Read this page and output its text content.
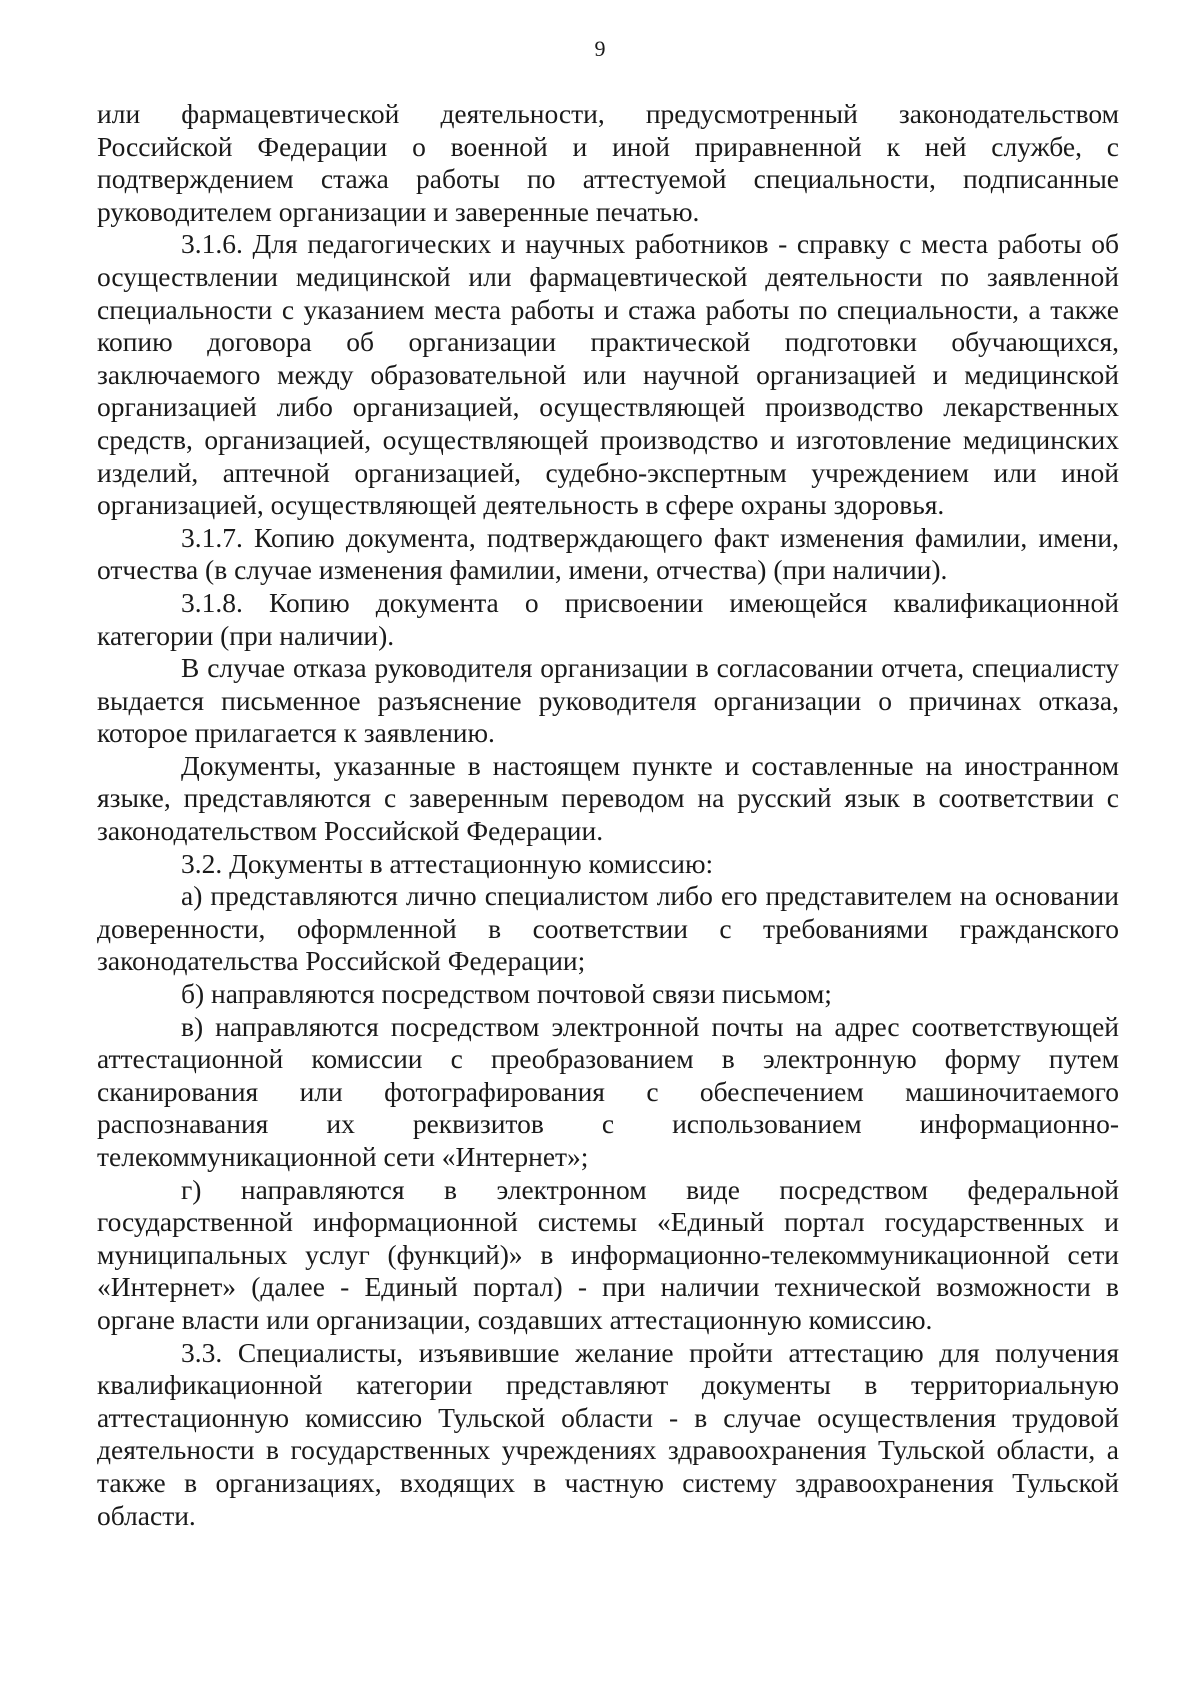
9

или фармацевтической деятельности, предусмотренный законодательством Российской Федерации о военной и иной приравненной к ней службе, с подтверждением стажа работы по аттестуемой специальности, подписанные руководителем организации и заверенные печатью.

3.1.6. Для педагогических и научных работников - справку с места работы об осуществлении медицинской или фармацевтической деятельности по заявленной специальности с указанием места работы и стажа работы по специальности, а также копию договора об организации практической подготовки обучающихся, заключаемого между образовательной или научной организацией и медицинской организацией либо организацией, осуществляющей производство лекарственных средств, организацией, осуществляющей производство и изготовление медицинских изделий, аптечной организацией, судебно-экспертным учреждением или иной организацией, осуществляющей деятельность в сфере охраны здоровья.

3.1.7. Копию документа, подтверждающего факт изменения фамилии, имени, отчества (в случае изменения фамилии, имени, отчества) (при наличии).

3.1.8. Копию документа о присвоении имеющейся квалификационной категории (при наличии).

В случае отказа руководителя организации в согласовании отчета, специалисту выдается письменное разъяснение руководителя организации о причинах отказа, которое прилагается к заявлению.

Документы, указанные в настоящем пункте и составленные на иностранном языке, представляются с заверенным переводом на русский язык в соответствии с законодательством Российской Федерации.

3.2. Документы в аттестационную комиссию:

а) представляются лично специалистом либо его представителем на основании доверенности, оформленной в соответствии с требованиями гражданского законодательства Российской Федерации;

б) направляются посредством почтовой связи письмом;

в) направляются посредством электронной почты на адрес соответствующей аттестационной комиссии с преобразованием в электронную форму путем сканирования или фотографирования с обеспечением машиночитаемого распознавания их реквизитов с использованием информационно-телекоммуникационной сети «Интернет»;

г) направляются в электронном виде посредством федеральной государственной информационной системы «Единый портал государственных и муниципальных услуг (функций)» в информационно-телекоммуникационной сети «Интернет» (далее - Единый портал) - при наличии технической возможности в органе власти или организации, создавших аттестационную комиссию.

3.3. Специалисты, изъявившие желание пройти аттестацию для получения квалификационной категории представляют документы в территориальную аттестационную комиссию Тульской области - в случае осуществления трудовой деятельности в государственных учреждениях здравоохранения Тульской области, а также в организациях, входящих в частную систему здравоохранения Тульской области.
